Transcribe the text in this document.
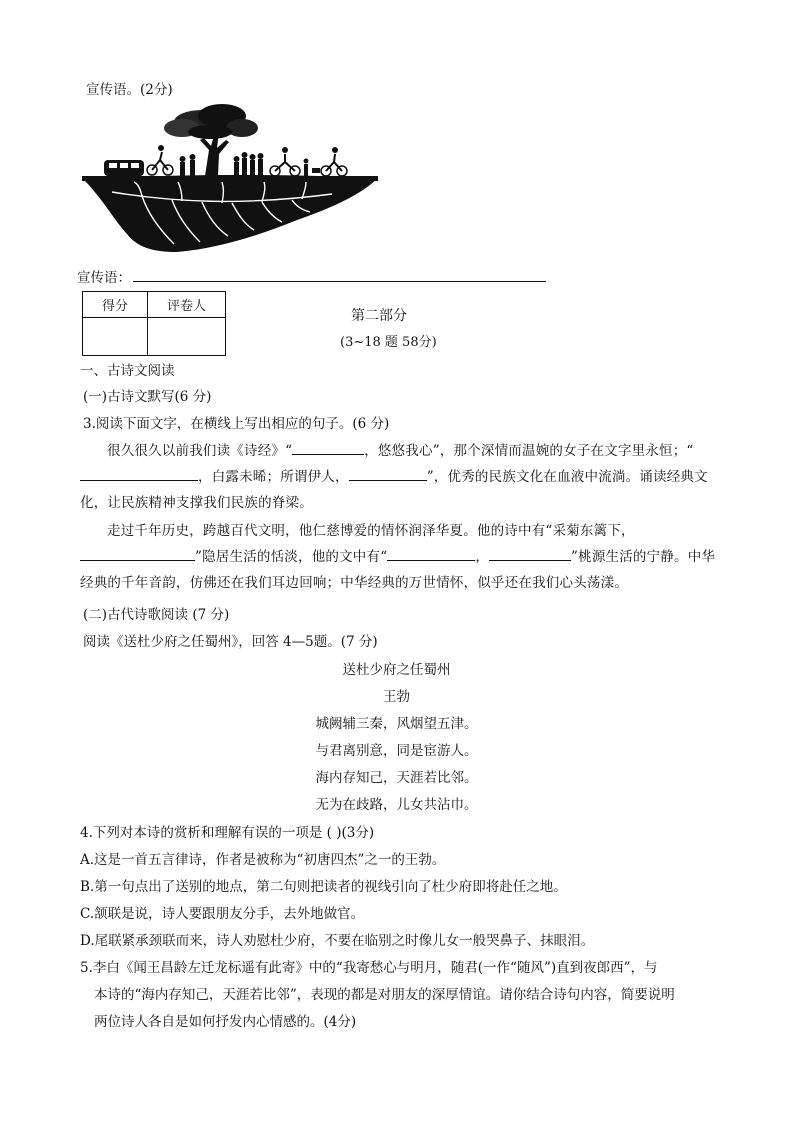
宣传语。(2分)
宣传语：
得分	评卷人

第二部分
(3~18 题 58分)
一、古诗文阅读
(一)古诗文默写(6 分)
3.阅读下面文字，在横线上写出相应的句子。(6 分)
很久很久以前我们读《诗经》“	，悠悠我心”，那个深情而温婉的女子在文字里永恒；“，白露未晞；所谓伊人，	”，优秀的民族文化在血液中流淌。诵读经典文化，让民族精神支撑我们民族的脊梁。
走过千年历史，跨越百代文明，他仁慈博爱的情怀润泽华夏。他的诗中有“采菊东篱下，”隐居生活的恬淡，他的文中有“	，	”桃源生活的宁静。中华经典的千年音韵，仿佛还在我们耳边回响；中华经典的万世情怀，似乎还在我们心头荡漾。
(二)古代诗歌阅读 (7 分)
阅读《送杜少府之任蜀州》，回答 4—5题。(7 分)
送杜少府之任蜀州
王勃
城阙辅三秦，风烟望五津。
与君离别意，同是宦游人。
海内存知己，天涯若比邻。
无为在歧路，儿女共沾巾。
4.下列对本诗的赏析和理解有误的一项是 ( )(3分)
A.这是一首五言律诗，作者是被称为“初唐四杰”之一的王勃。
B.第一句点出了送别的地点，第二句则把读者的视线引向了杜少府即将赴任之地。
C.颔联是说，诗人要跟朋友分手，去外地做官。
D.尾联紧承颈联而来，诗人劝慰杜少府，不要在临别之时像儿女一般哭鼻子、抹眼泪。
5.李白《闻王昌龄左迁龙标遥有此寄》中的“我寄愁心与明月，随君(一作“随风”)直到夜郎西”，与
本诗的“海内存知己，天涯若比邻”，表现的都是对朋友的深厚情谊。请你结合诗句内容，简要说明
两位诗人各自是如何抒发内心情感的。(4分)
